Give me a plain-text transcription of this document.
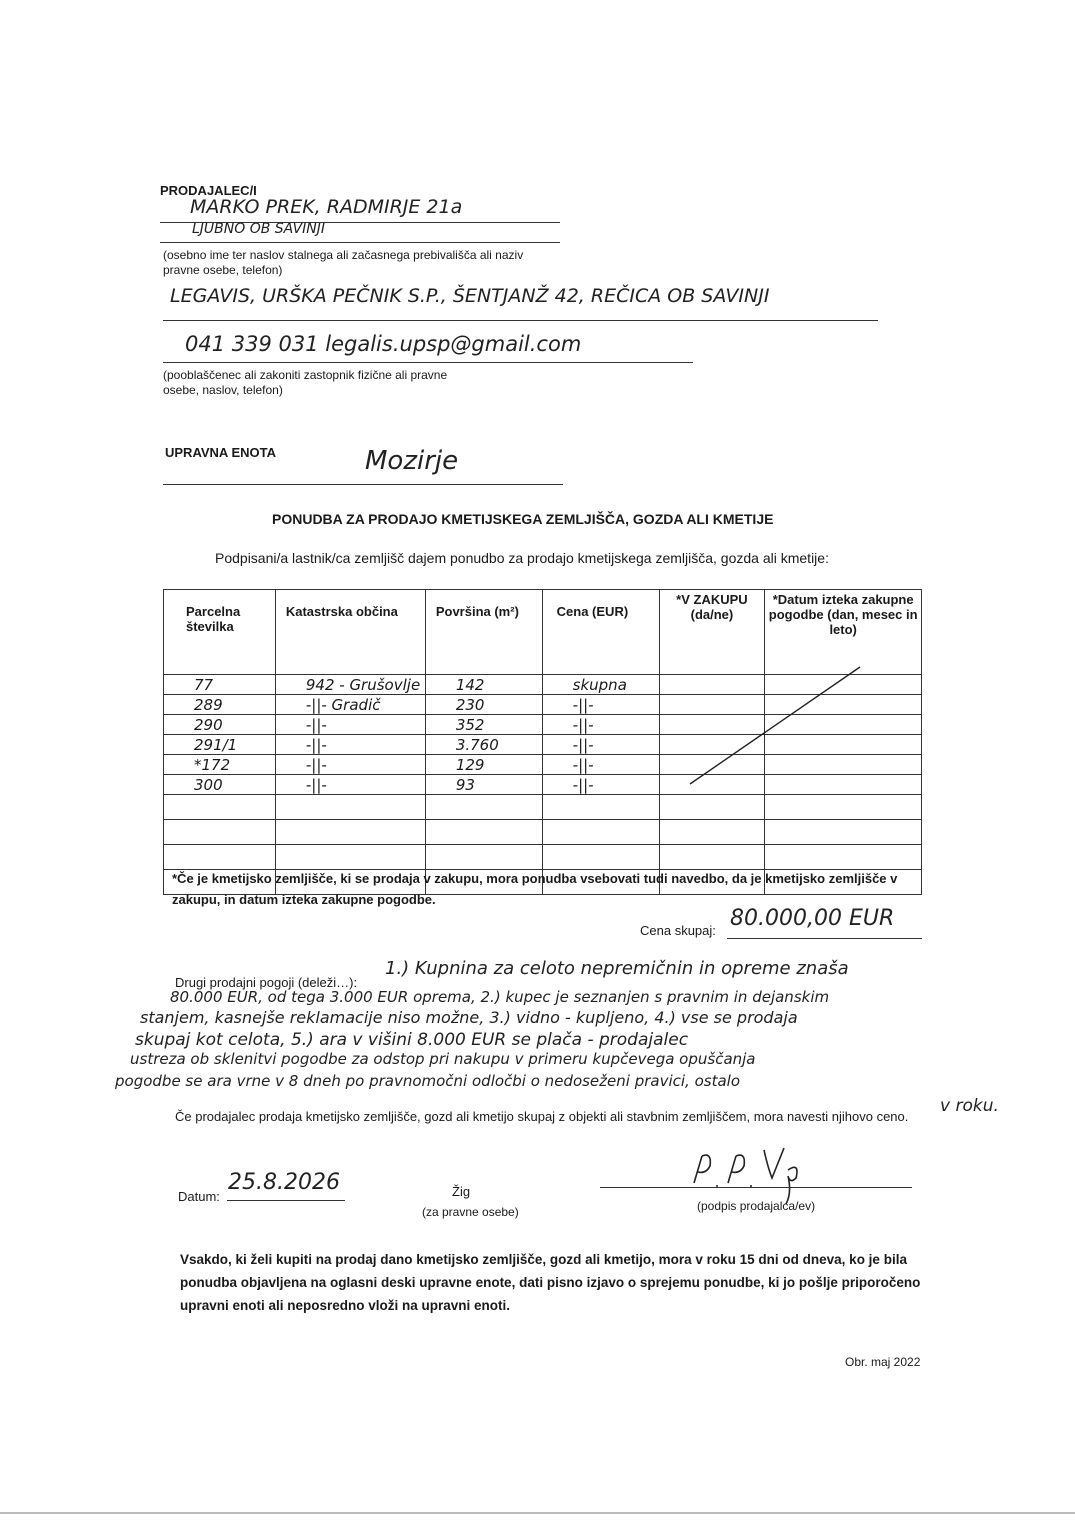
PRODAJALEC/I
MARKO PREK, RADMIRJE 21a
LJUBNO OB SAVINJI
(osebno ime ter naslov stalnega ali začasnega prebivališča ali naziv pravne osebe, telefon)
LEGAVIS, URŠKA PEČNIK S.P., ŠENTJANŽ 42, REČICA OB SAVINJI
041 339 031 legalis.upsp@gmail.com
(pooblaščenec ali zakoniti zastopnik fizične ali pravne osebe, naslov, telefon)
UPRAVNA ENOTA	Mozirje
PONUDBA ZA PRODAJO KMETIJSKEGA ZEMLJIŠČA, GOZDA ALI KMETIJE
Podpisani/a lastnik/ca zemljišč dajem ponudbo za prodajo kmetijskega zemljišča, gozda ali kmetije:
Parcelna številka	Katastrska občina	Površina (m²)	Cena (EUR)	*V ZAKUPU (da/ne)	*Datum izteka zakupne pogodbe (dan, mesec in leto)
77	942 - Grušovlje	142	skupna		
289	-||- Gradič	230	-||-		
290	-||-	352	-||-		
291/1	-||-	3.760	-||-		
*172	-||-	129	-||-		
300	-||-	93	-||-		

*Če je kmetijsko zemljišče, ki se prodaja v zakupu, mora ponudba vsebovati tudi navedbo, da je kmetijsko zemljišče v zakupu, in datum izteka zakupne pogodbe.
Cena skupaj: 80.000,00 EUR
Drugi prodajni pogoji (deleži…):
1.) Kupnina za celoto nepremičnin in opreme znaša
80.000 EUR, od tega 3.000 EUR oprema, 2.) kupec je seznanjen s pravnim in dejanskim
stanjem, kasnejše reklamacije niso možne, 3.) vidno - kupljeno, 4.) vse se prodaja
skupaj kot celota, 5.) ara v višini 8.000 EUR se plača - prodajalec
ustreza ob sklenitvi pogodbe za odstop pri nakupu v primeru kupčevega opuščanja
pogodbe se ara vrne v 8 dneh po pravnomočni odločbi o nedoseženi pravici, ostalo
v roku.
Če prodajalec prodaja kmetijsko zemljišče, gozd ali kmetijo skupaj z objekti ali stavbnim zemljiščem, mora navesti njihovo ceno.
Datum:
25.8.2026	Žig
(za pravne osebe)	(podpis prodajalca/ev)
Vsakdo, ki želi kupiti na prodaj dano kmetijsko zemljišče, gozd ali kmetijo, mora v roku 15 dni od dneva, ko je bila ponudba objavljena na oglasni deski upravne enote, dati pisno izjavo o sprejemu ponudbe, ki jo pošlje priporočeno upravni enoti ali neposredno vloži na upravni enoti.
Obr. maj 2022
